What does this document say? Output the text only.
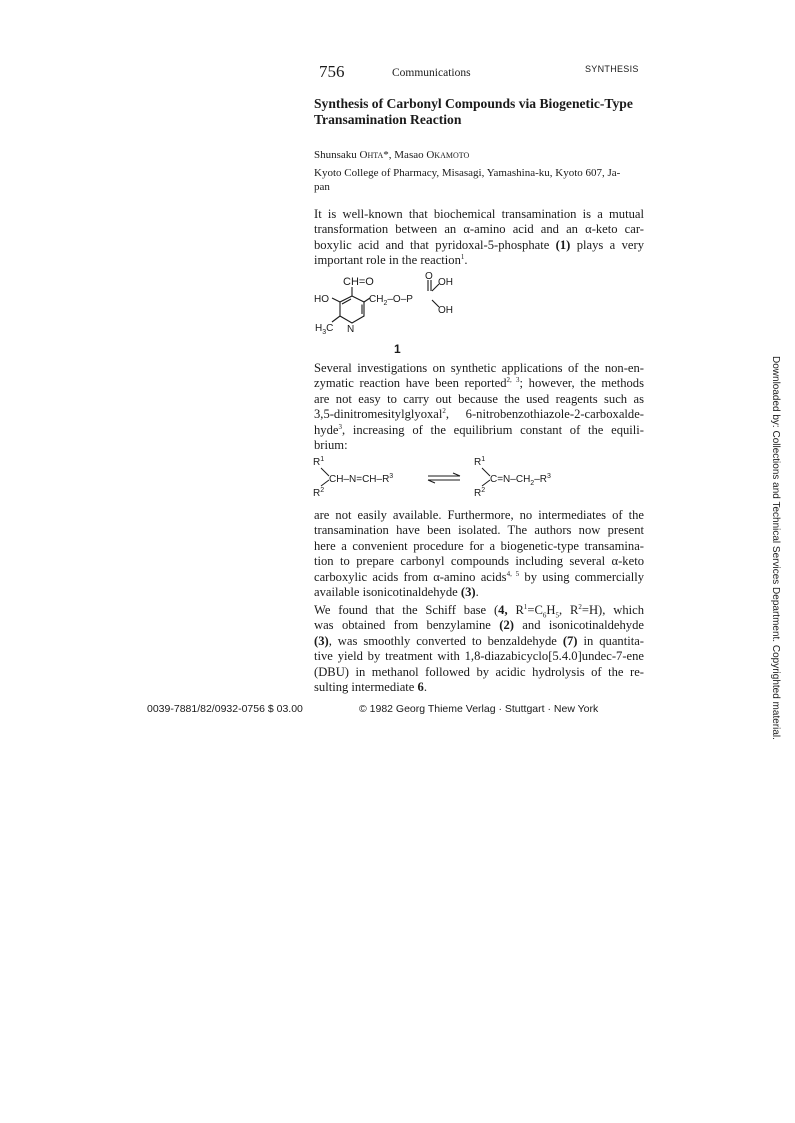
756	Communications	SYNTHESIS
Synthesis of Carbonyl Compounds via Biogenetic-Type Transamination Reaction
Shunsaku Ohta*, Masao Okamoto
Kyoto College of Pharmacy, Misasagi, Yamashina-ku, Kyoto 607, Ja-
pan
It is well-known that biochemical transamination is a mutual
transformation between an α-amino acid and an α-keto car-
boxylic acid and that pyridoxal-5-phosphate (1) plays a very
important role in the reaction$^1$.
CH=O
HO	$CH_2-O-P$
O
OH
OH
$H_3C$ N
1
Several investigations on synthetic applications of the non-en-
zymatic reaction have been reported$^{2, 3}$; however, the methods
are not easy to carry out because the used reagents such as
3,5-dinitromesitylglyoxal$^2$, 6-nitrobenzothiazole-2-carboxalde-
hyde$^3$, increasing of the equilibrium constant of the equili-
brium:
$R^1$
$CH-N=CH-R^3$
$R^2$
$R^1$
$C=N-CH_2-R^3$
$R^2$
are not easily available. Furthermore, no intermediates of the
transamination have been isolated. The authors now present
here a convenient procedure for a biogenetic-type transamina-
tion to prepare carbonyl compounds including several α-keto
carboxylic acids from α-amino acids$^{4, 5}$ by using commercially
available isonicotinaldehyde (3).
We found that the Schiff base (4, $R^1=C_6H_5$, $R^2=H$), which
was obtained from benzylamine (2) and isonicotinaldehyde
(3), was smoothly converted to benzaldehyde (7) in quantita-
tive yield by treatment with 1,8-diazabicyclo[5.4.0]undec-7-ene
(DBU) in methanol followed by acidic hydrolysis of the re-
sulting intermediate 6.
0039-7881/82/0932-0756 $ 03.00	© 1982 Georg Thieme Verlag · Stuttgart · New York	Downloaded by: Collections and Technical Services Department. Copyrighted material.
